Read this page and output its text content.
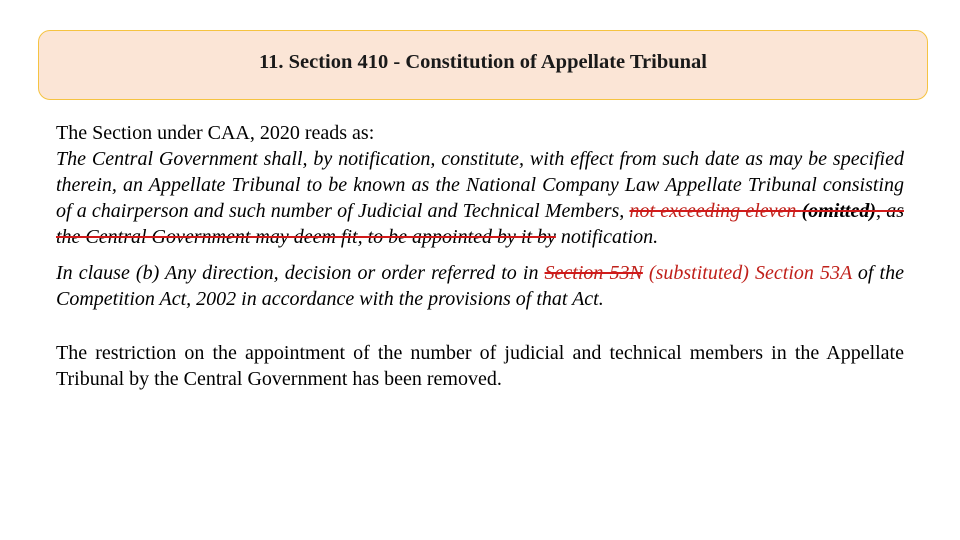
11. Section 410 - Constitution of Appellate Tribunal

The Section under CAA, 2020 reads as:

The Central Government shall, by notification, constitute, with effect from such date as may be specified therein, an Appellate Tribunal to be known as the National Company Law Appellate Tribunal consisting of a chairperson and such number of Judicial and Technical Members, not exceeding eleven (omitted), as the Central Government may deem fit, to be appointed by it by notification.

In clause (b) Any direction, decision or order referred to in Section 53N (substituted) Section 53A of the Competition Act, 2002 in accordance with the provisions of that Act.

The restriction on the appointment of the number of judicial and technical members in the Appellate Tribunal by the Central Government has been removed.
